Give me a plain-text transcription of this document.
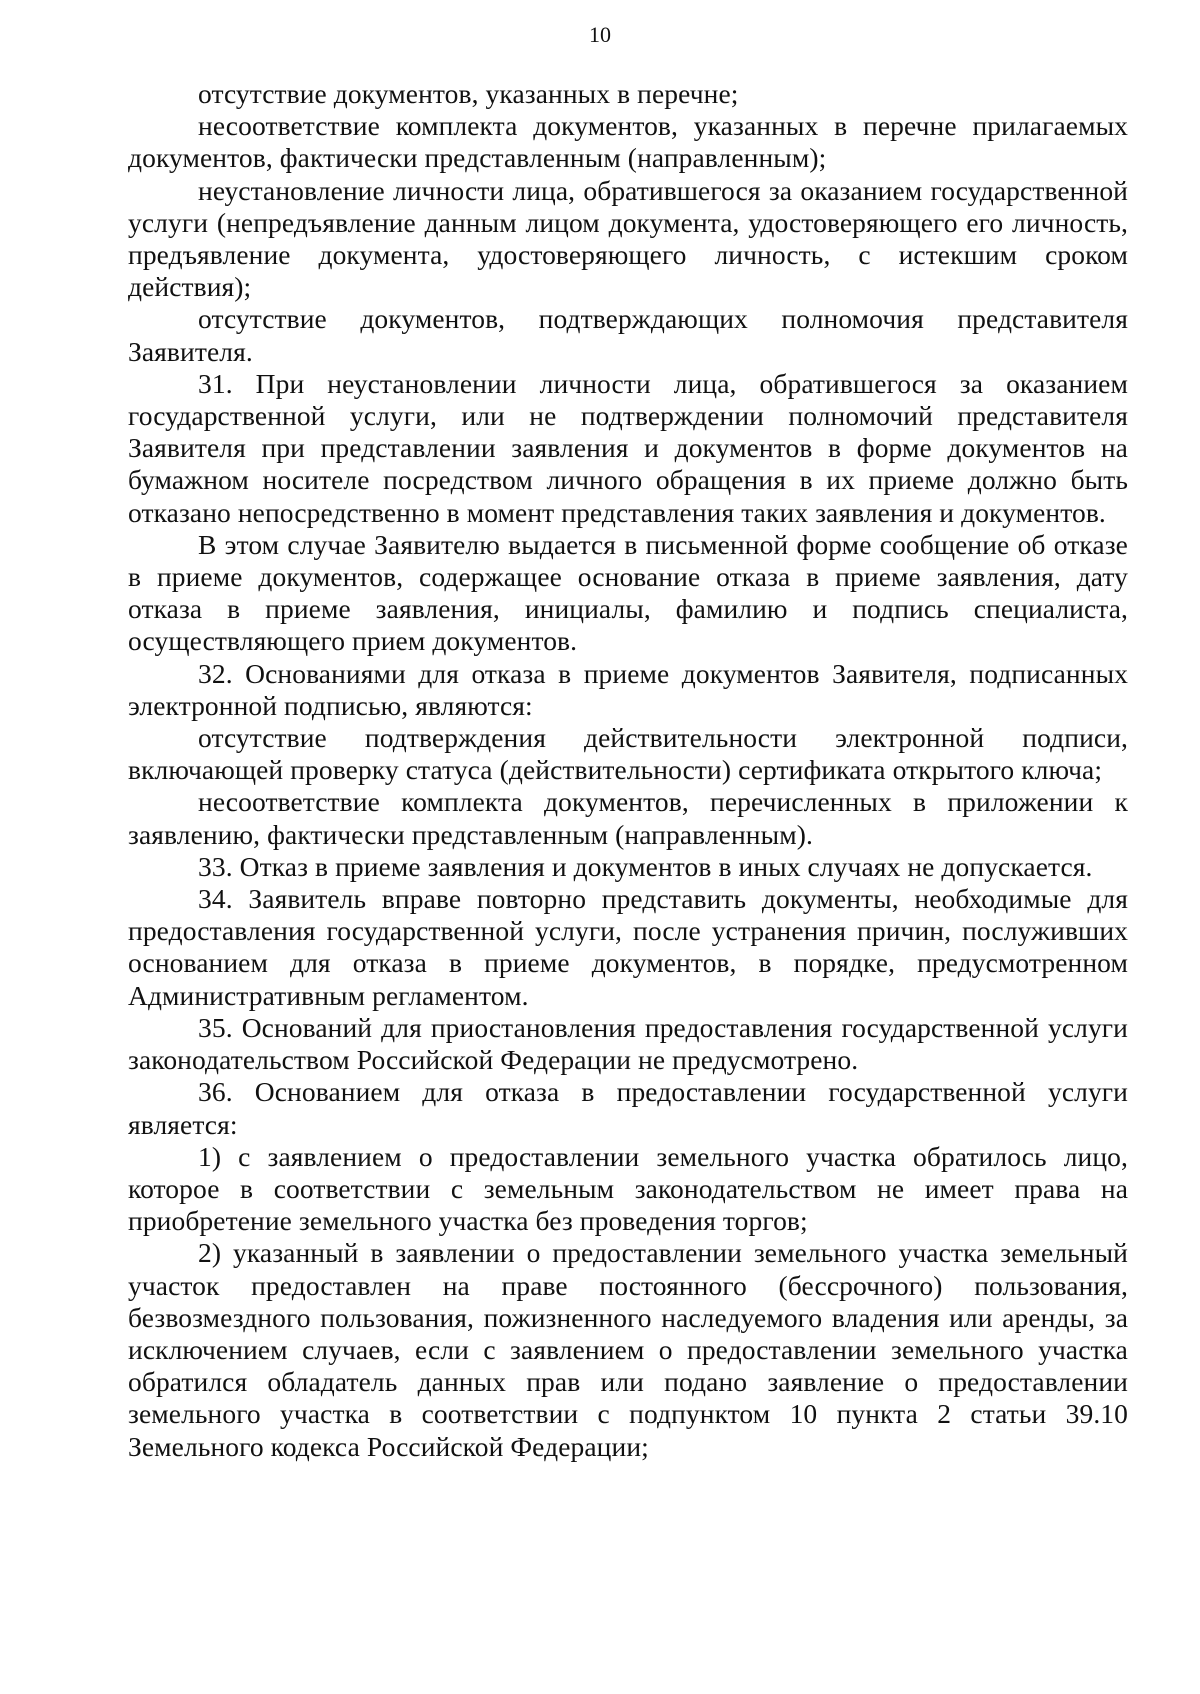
10

отсутствие документов, указанных в перечне;

несоответствие комплекта документов, указанных в перечне прилагаемых документов, фактически представленным (направленным);

неустановление личности лица, обратившегося за оказанием государственной услуги (непредъявление данным лицом документа, удостоверяющего его личность, предъявление документа, удостоверяющего личность, с истекшим сроком действия);

отсутствие документов, подтверждающих полномочия представителя Заявителя.

31. При неустановлении личности лица, обратившегося за оказанием государственной услуги, или не подтверждении полномочий представителя Заявителя при представлении заявления и документов в форме документов на бумажном носителе посредством личного обращения в их приеме должно быть отказано непосредственно в момент представления таких заявления и документов.

В этом случае Заявителю выдается в письменной форме сообщение об отказе в приеме документов, содержащее основание отказа в приеме заявления, дату отказа в приеме заявления, инициалы, фамилию и подпись специалиста, осуществляющего прием документов.

32. Основаниями для отказа в приеме документов Заявителя, подписанных электронной подписью, являются:

отсутствие подтверждения действительности электронной подписи, включающей проверку статуса (действительности) сертификата открытого ключа;

несоответствие комплекта документов, перечисленных в приложении к заявлению, фактически представленным (направленным).

33. Отказ в приеме заявления и документов в иных случаях не допускается.

34. Заявитель вправе повторно представить документы, необходимые для предоставления государственной услуги, после устранения причин, послуживших основанием для отказа в приеме документов, в порядке, предусмотренном Административным регламентом.

35. Оснований для приостановления предоставления государственной услуги законодательством Российской Федерации не предусмотрено.

36. Основанием для отказа в предоставлении государственной услуги является:

1) с заявлением о предоставлении земельного участка обратилось лицо, которое в соответствии с земельным законодательством не имеет права на приобретение земельного участка без проведения торгов;

2) указанный в заявлении о предоставлении земельного участка земельный участок предоставлен на праве постоянного (бессрочного) пользования, безвозмездного пользования, пожизненного наследуемого владения или аренды, за исключением случаев, если с заявлением о предоставлении земельного участка обратился обладатель данных прав или подано заявление о предоставлении земельного участка в соответствии с подпунктом 10 пункта 2 статьи 39.10 Земельного кодекса Российской Федерации;
